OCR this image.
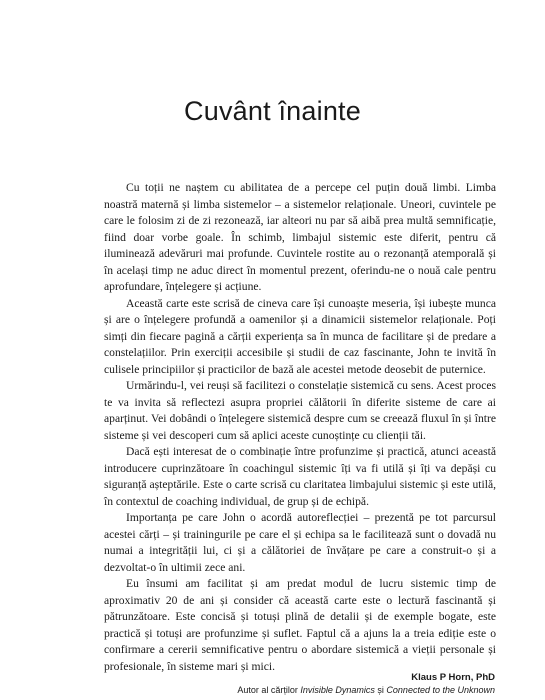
Cuvânt înainte

Cu toții ne naștem cu abilitatea de a percepe cel puțin două limbi. Limba noastră maternă și limba sistemelor – a sistemelor relaționale. Uneori, cuvintele pe care le folosim zi de zi rezonează, iar alteori nu par să aibă prea multă semnificație, fiind doar vorbe goale. În schimb, limbajul sistemic este diferit, pentru că iluminează adevăruri mai profunde. Cuvintele rostite au o rezonanță atemporală și în același timp ne aduc direct în momentul prezent, oferindu-ne o nouă cale pentru aprofundare, înțelegere și acțiune.

Această carte este scrisă de cineva care își cunoaște meseria, își iubește munca și are o înțelegere profundă a oamenilor și a dinamicii sistemelor relaționale. Poți simți din fiecare pagină a cărții experiența sa în munca de facilitare și de predare a constelațiilor. Prin exerciții accesibile și studii de caz fascinante, John te invită în culisele principiilor și practicilor de bază ale acestei metode deosebit de puternice.

Urmărindu-l, vei reuși să facilitezi o constelație sistemică cu sens. Acest proces te va invita să reflectezi asupra propriei călătorii în diferite sisteme de care ai aparținut. Vei dobândi o înțelegere sistemică despre cum se creează fluxul în și între sisteme și vei descoperi cum să aplici aceste cunoștințe cu clienții tăi.

Dacă ești interesat de o combinație între profunzime și practică, atunci această introducere cuprinzătoare în coachingul sistemic îți va fi utilă și îți va depăși cu siguranță așteptările. Este o carte scrisă cu claritatea limbajului sistemic și este utilă, în contextul de coaching individual, de grup și de echipă.

Importanța pe care John o acordă autoreflecției – prezentă pe tot parcursul acestei cărți – și trainingurile pe care el și echipa sa le facilitează sunt o dovadă nu numai a integrității lui, ci și a călătoriei de învățare pe care a construit-o și a dezvoltat-o în ultimii zece ani.

Eu însumi am facilitat și am predat modul de lucru sistemic timp de aproximativ 20 de ani și consider că această carte este o lectură fascinantă și pătrunzătoare. Este concisă și totuși plină de detalii și de exemple bogate, este practică și totuși are profunzime și suflet. Faptul că a ajuns la a treia ediție este o confirmare a cererii semnificative pentru o abordare sistemică a vieții personale și profesionale, în sisteme mari și mici.

Klaus P Horn, PhD
Autor al cărților Invisible Dynamics și Connected to the Unknown
